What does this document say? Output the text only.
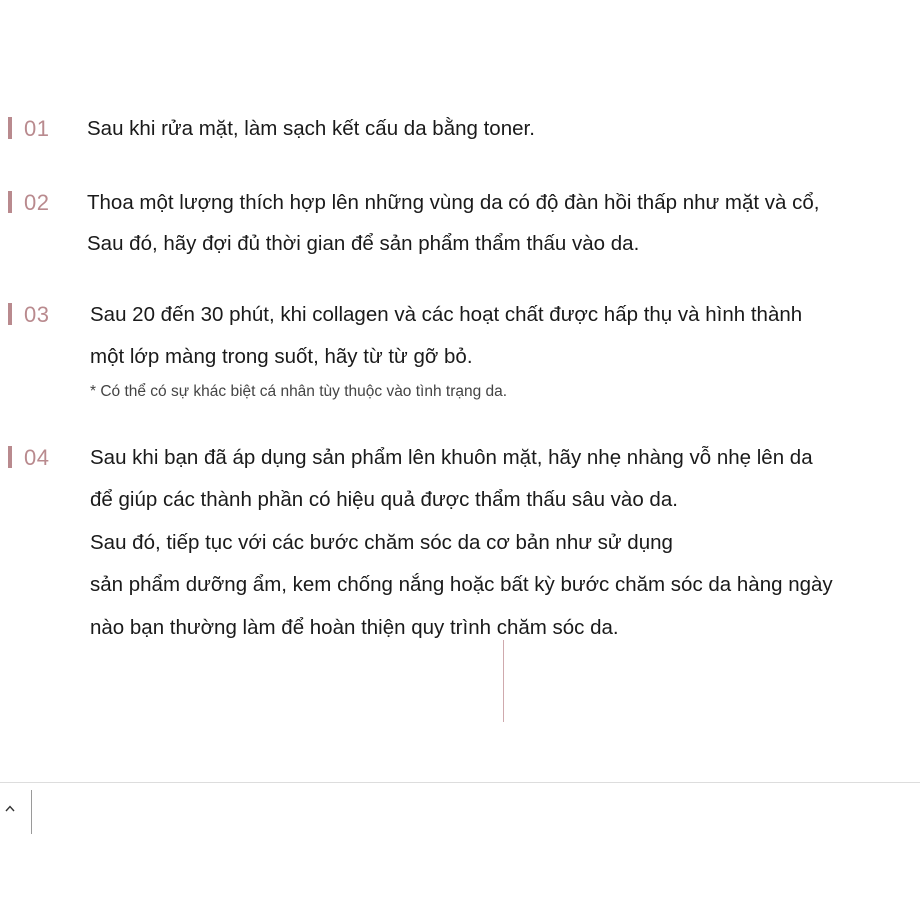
01 Sau khi rửa mặt, làm sạch kết cấu da bằng toner.
02 Thoa một lượng thích hợp lên những vùng da có độ đàn hồi thấp như mặt và cổ,
Sau đó, hãy đợi đủ thời gian để sản phẩm thẩm thấu vào da.
03 Sau 20 đến 30 phút, khi collagen và các hoạt chất được hấp thụ và hình thành
một lớp màng trong suốt, hãy từ từ gỡ bỏ.
* Có thể có sự khác biệt cá nhân tùy thuộc vào tình trạng da.
04 Sau khi bạn đã áp dụng sản phẩm lên khuôn mặt, hãy nhẹ nhàng vỗ nhẹ lên da
để giúp các thành phần có hiệu quả được thẩm thấu sâu vào da.
Sau đó, tiếp tục với các bước chăm sóc da cơ bản như sử dụng
sản phẩm dưỡng ẩm, kem chống nắng hoặc bất kỳ bước chăm sóc da hàng ngày
nào bạn thường làm để hoàn thiện quy trình chăm sóc da.
